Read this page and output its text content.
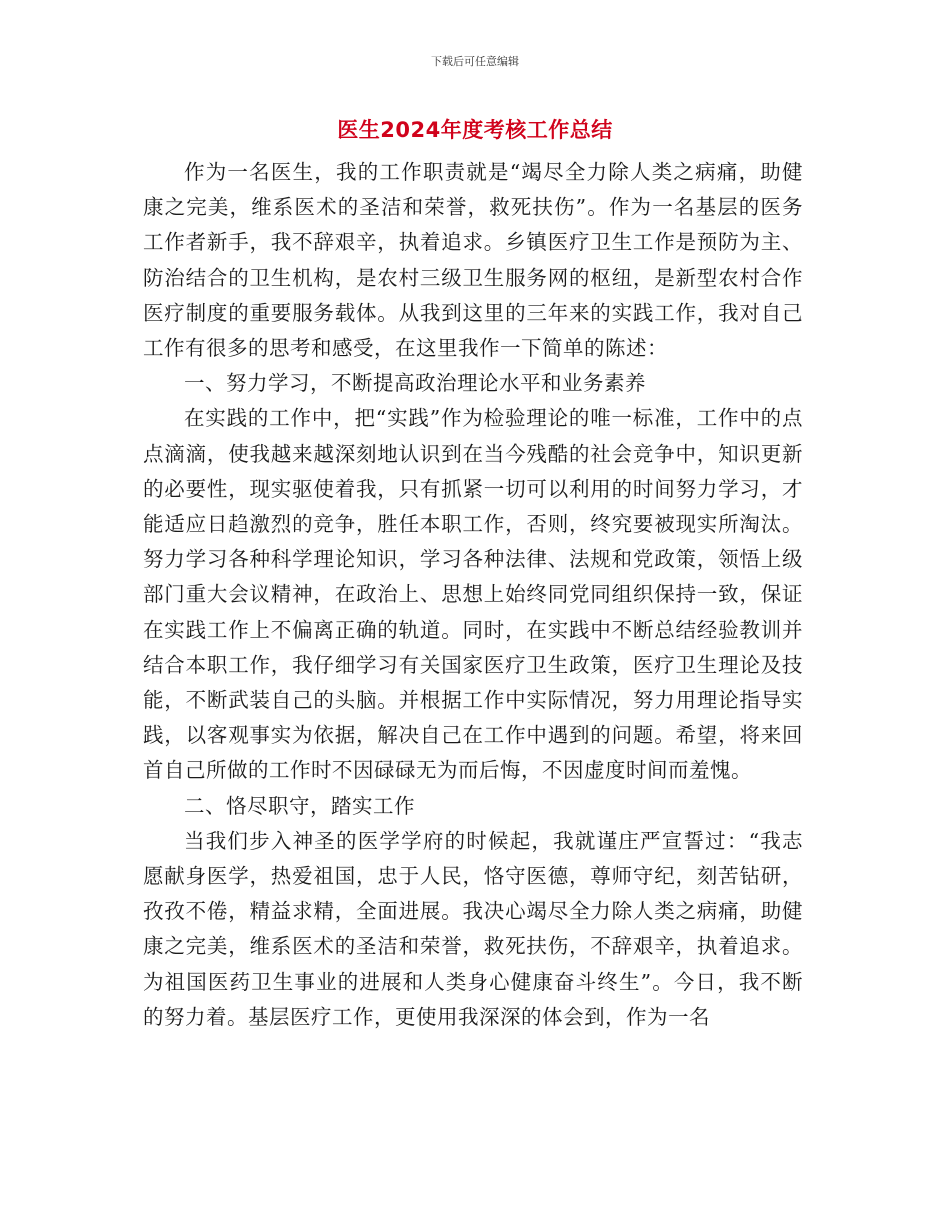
下载后可任意编辑
医生2024年度考核工作总结

作为一名医生，我的工作职责就是“竭尽全力除人类之病痛，助健康之完美，维系医术的圣洁和荣誉，救死扶伤”。作为一名基层的医务工作者新手，我不辞艰辛，执着追求。乡镇医疗卫生工作是预防为主、防治结合的卫生机构，是农村三级卫生服务网的枢纽，是新型农村合作医疗制度的重要服务载体。从我到这里的三年来的实践工作，我对自己工作有很多的思考和感受，在这里我作一下简单的陈述：

一、努力学习，不断提高政治理论水平和业务素养

在实践的工作中，把“实践”作为检验理论的唯一标准，工作中的点点滴滴，使我越来越深刻地认识到在当今残酷的社会竞争中，知识更新的必要性，现实驱使着我，只有抓紧一切可以利用的时间努力学习，才能适应日趋激烈的竞争，胜任本职工作，否则，终究要被现实所淘汰。努力学习各种科学理论知识，学习各种法律、法规和党政策，领悟上级部门重大会议精神，在政治上、思想上始终同党同组织保持一致，保证在实践工作上不偏离正确的轨道。同时，在实践中不断总结经验教训并结合本职工作，我仔细学习有关国家医疗卫生政策，医疗卫生理论及技能，不断武装自己的头脑。并根据工作中实际情况，努力用理论指导实践，以客观事实为依据，解决自己在工作中遇到的问题。希望，将来回首自己所做的工作时不因碌碌无为而后悔，不因虚度时间而羞愧。

二、恪尽职守，踏实工作

当我们步入神圣的医学学府的时候起，我就谨庄严宣誓过：“我志愿献身医学，热爱祖国，忠于人民，恪守医德，尊师守纪，刻苦钻研，孜孜不倦，精益求精，全面进展。我决心竭尽全力除人类之病痛，助健康之完美，维系医术的圣洁和荣誉，救死扶伤，不辞艰辛，执着追求。为祖国医药卫生事业的进展和人类身心健康奋斗终生”。今日，我不断的努力着。基层医疗工作，更使用我深深的体会到，作为一名
